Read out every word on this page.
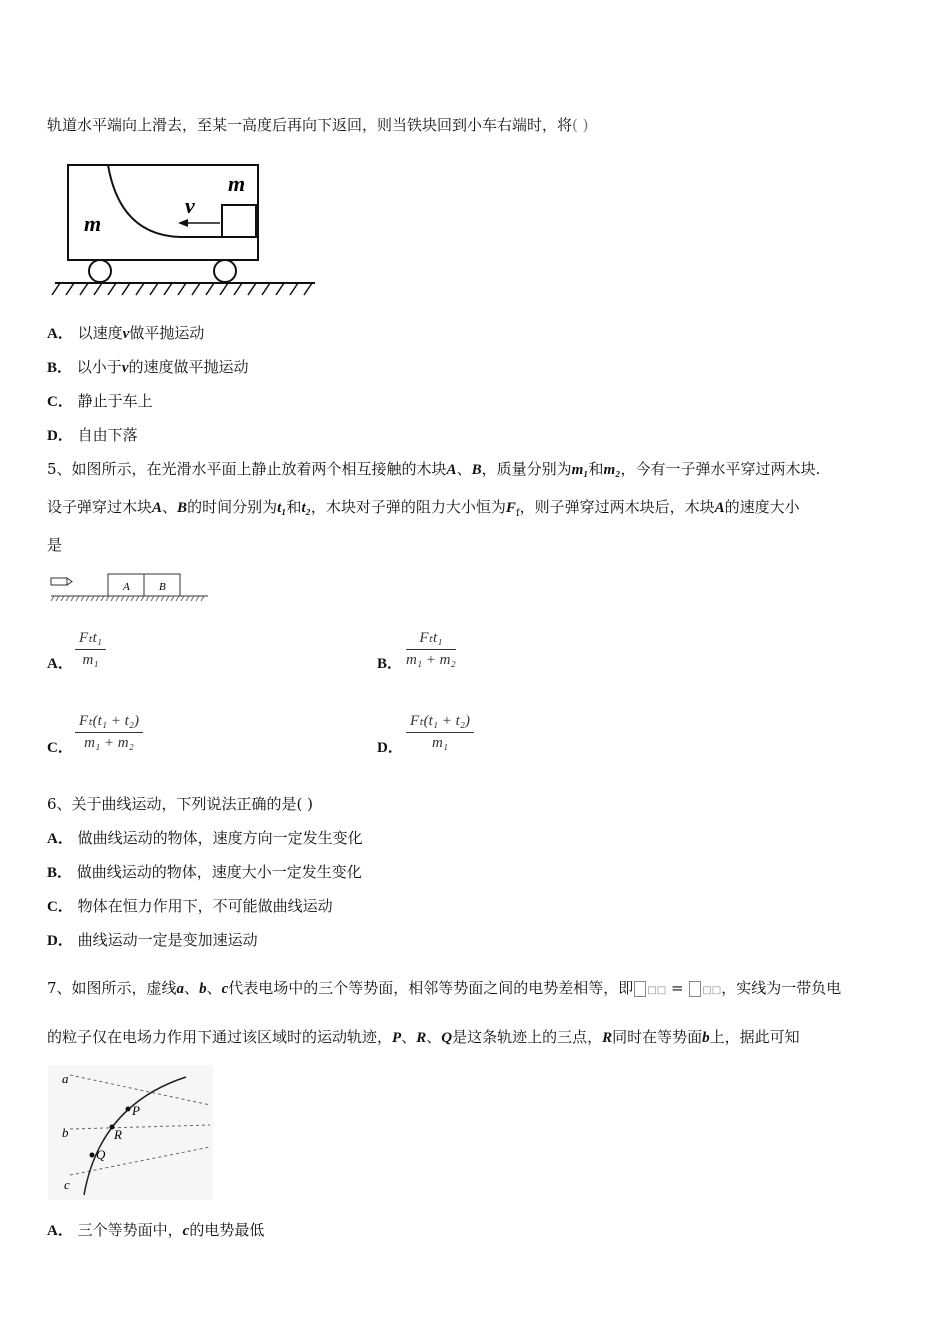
轨道水平端向上滑去，至某一高度后再向下返回，则当铁块回到小车右端时，将( )
m
m
v
A． 以速度v做平抛运动
B． 以小于v的速度做平抛运动
C． 静止于车上
D． 自由下落
5、如图所示，在光滑水平面上静止放着两个相互接触的木块A、B，质量分别为m₁和m₂，今有一子弹水平穿过两木块.
设子弹穿过木块A、B的时间分别为t₁和t₂，木块对子弹的阻力大小恒为$F_f$，则子弹穿过两木块后，木块A的速度大小
是
A	B
A．
Fₜt₁
m₁	B．
Fₜt₁
m₁ + m₂
C．
Fₜ(t₁ + t₂)
m₁ + m₂	D．
Fₜ(t₁ + t₂)
m₁
6、关于曲线运动，下列说法正确的是( )
A． 做曲线运动的物体，速度方向一定发生变化
B． 做曲线运动的物体，速度大小一定发生变化
C． 物体在恒力作用下，不可能做曲线运动
D． 曲线运动一定是变加速运动
7、如图所示，虚线a、b、c代表电场中的三个等势面，相邻等势面之间的电势差相等，即 □□ = □□，实线为一带负电
的粒子仅在电场力作用下通过该区域时的运动轨迹，P、R、Q是这条轨迹上的三点，R同时在等势面b上，据此可知
a
b
c
P
R
Q
A． 三个等势面中，c的电势最低
